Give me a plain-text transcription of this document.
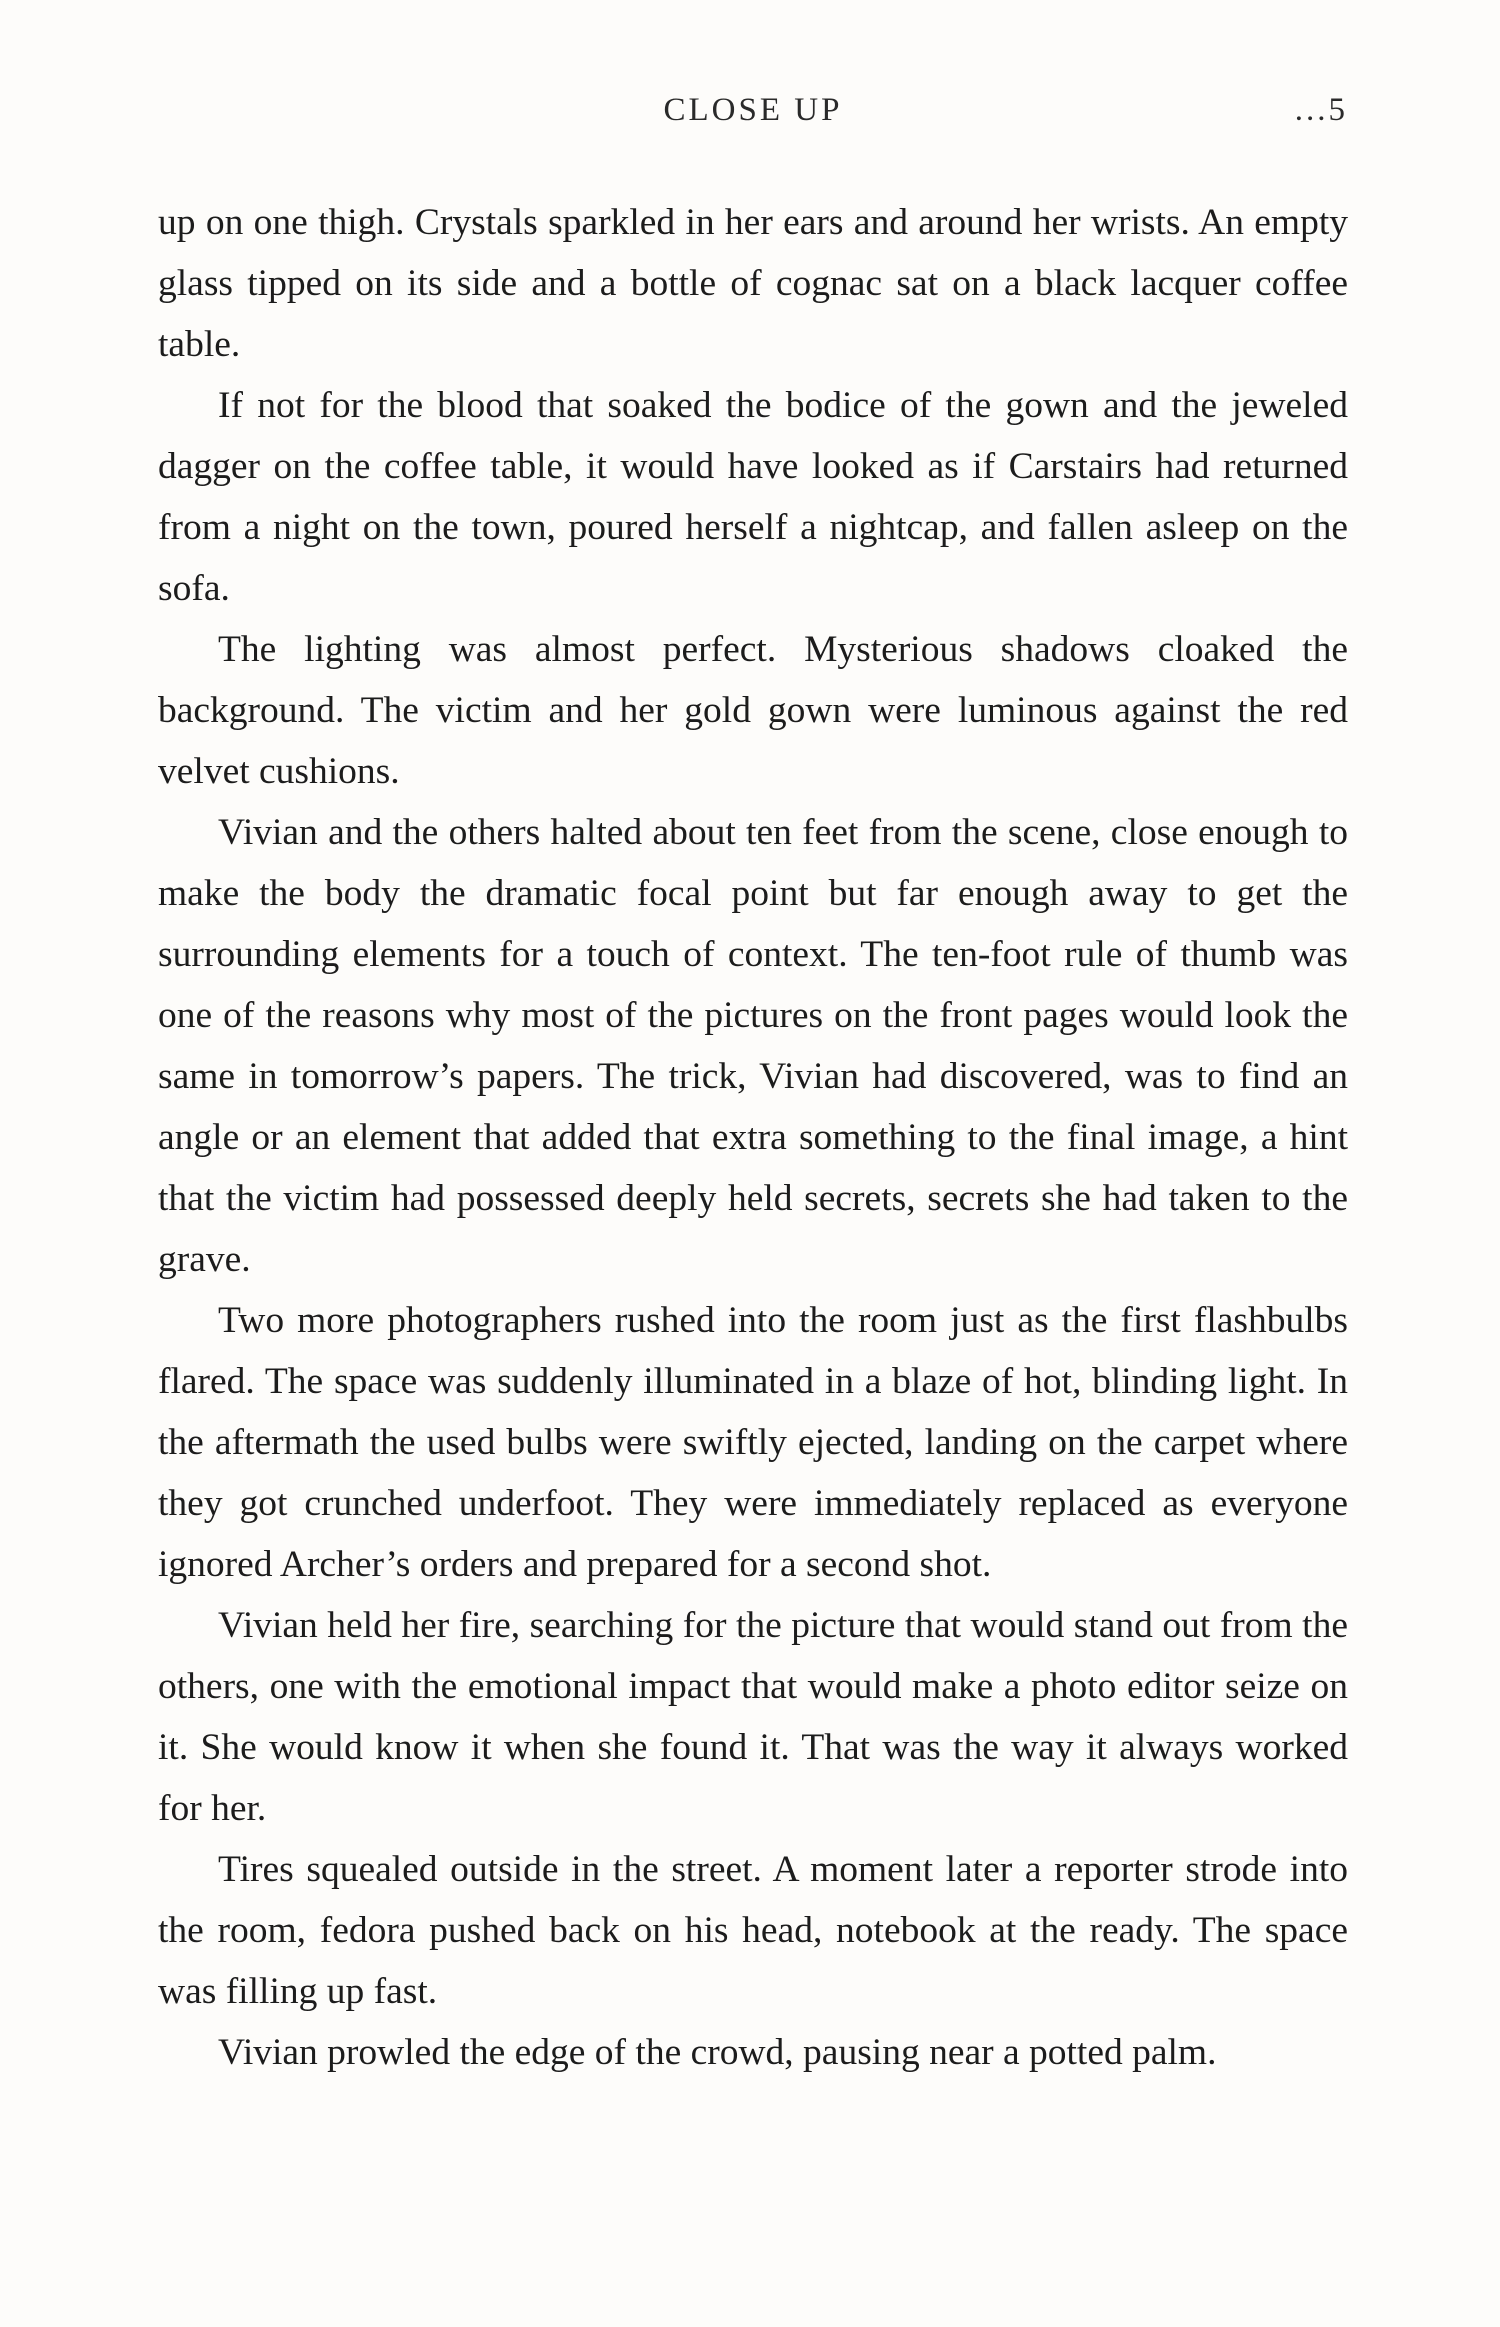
CLOSE UP	...5

up on one thigh. Crystals sparkled in her ears and around her wrists. An empty glass tipped on its side and a bottle of cognac sat on a black lacquer coffee table.

If not for the blood that soaked the bodice of the gown and the jeweled dagger on the coffee table, it would have looked as if Carstairs had returned from a night on the town, poured herself a nightcap, and fallen asleep on the sofa.

The lighting was almost perfect. Mysterious shadows cloaked the background. The victim and her gold gown were luminous against the red velvet cushions.

Vivian and the others halted about ten feet from the scene, close enough to make the body the dramatic focal point but far enough away to get the surrounding elements for a touch of context. The ten-foot rule of thumb was one of the reasons why most of the pictures on the front pages would look the same in tomorrow’s papers. The trick, Vivian had discovered, was to find an angle or an element that added that extra something to the final image, a hint that the victim had possessed deeply held secrets, secrets she had taken to the grave.

Two more photographers rushed into the room just as the first flashbulbs flared. The space was suddenly illuminated in a blaze of hot, blinding light. In the aftermath the used bulbs were swiftly ejected, landing on the carpet where they got crunched underfoot. They were immediately replaced as everyone ignored Archer’s orders and prepared for a second shot.

Vivian held her fire, searching for the picture that would stand out from the others, one with the emotional impact that would make a photo editor seize on it. She would know it when she found it. That was the way it always worked for her.

Tires squealed outside in the street. A moment later a reporter strode into the room, fedora pushed back on his head, notebook at the ready. The space was filling up fast.

Vivian prowled the edge of the crowd, pausing near a potted palm.
